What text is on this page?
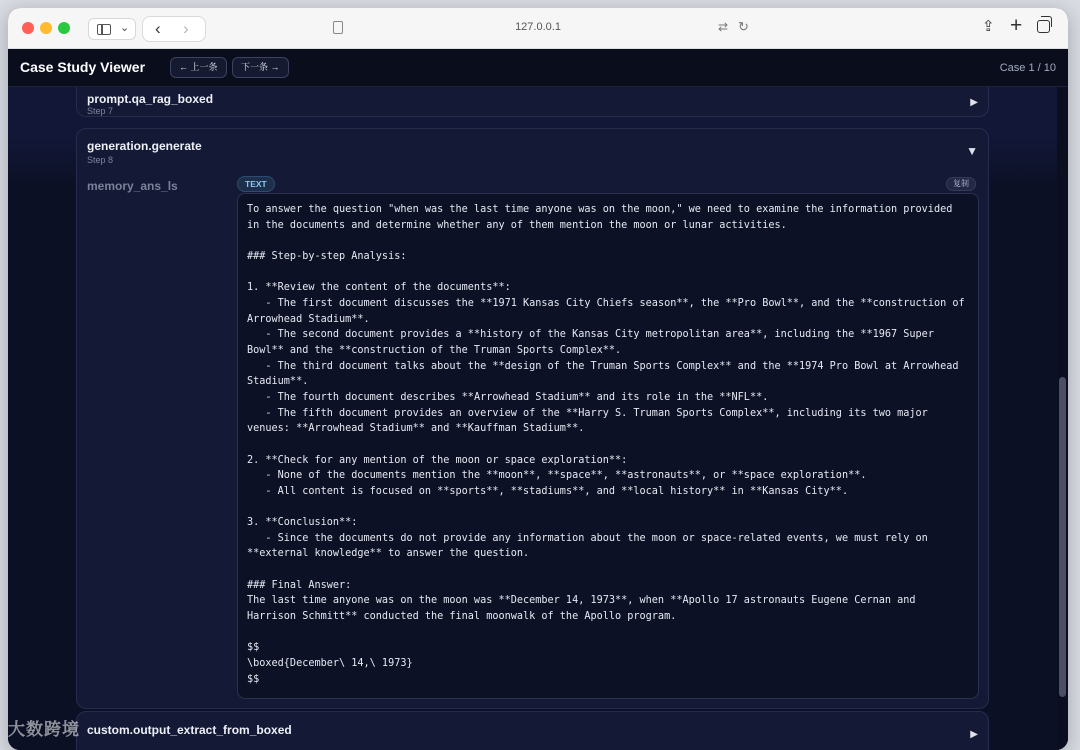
⌄ ‹ ›	127.0.0.1	⇄ ↻	⇪ +
Case Study Viewer	← 上一条	下一条 →	Case 1 / 10
prompt.qa_rag_boxed
Step 7
▶
generation.generate
Step 8
▼
memory_ans_ls	TEXT	复制
To answer the question "when was the last time anyone was on the moon," we need to examine the information provided in the documents and determine whether any of them mention the moon or lunar activities.

### Step-by-step Analysis:

1. **Review the content of the documents**:
- The first document discusses the **1971 Kansas City Chiefs season**, the **Pro Bowl**, and the **construction of Arrowhead Stadium**.
- The second document provides a **history of the Kansas City metropolitan area**, including the **1967 Super Bowl** and the **construction of the Truman Sports Complex**.
- The third document talks about the **design of the Truman Sports Complex** and the **1974 Pro Bowl at Arrowhead Stadium**.
- The fourth document describes **Arrowhead Stadium** and its role in the **NFL**.
- The fifth document provides an overview of the **Harry S. Truman Sports Complex**, including its two major venues: **Arrowhead Stadium** and **Kauffman Stadium**.

2. **Check for any mention of the moon or space exploration**:
- None of the documents mention the **moon**, **space**, **astronauts**, or **space exploration**.
- All content is focused on **sports**, **stadiums**, and **local history** in **Kansas City**.

3. **Conclusion**:
- Since the documents do not provide any information about the moon or space-related events, we must rely on **external knowledge** to answer the question.

### Final Answer:
The last time anyone was on the moon was **December 14, 1973**, when **Apollo 17 astronauts Eugene Cernan and Harrison Schmitt** conducted the final moonwalk of the Apollo program.

$$
\boxed{December\ 14,\ 1973}
$$
custom.output_extract_from_boxed	▶
大数跨境
